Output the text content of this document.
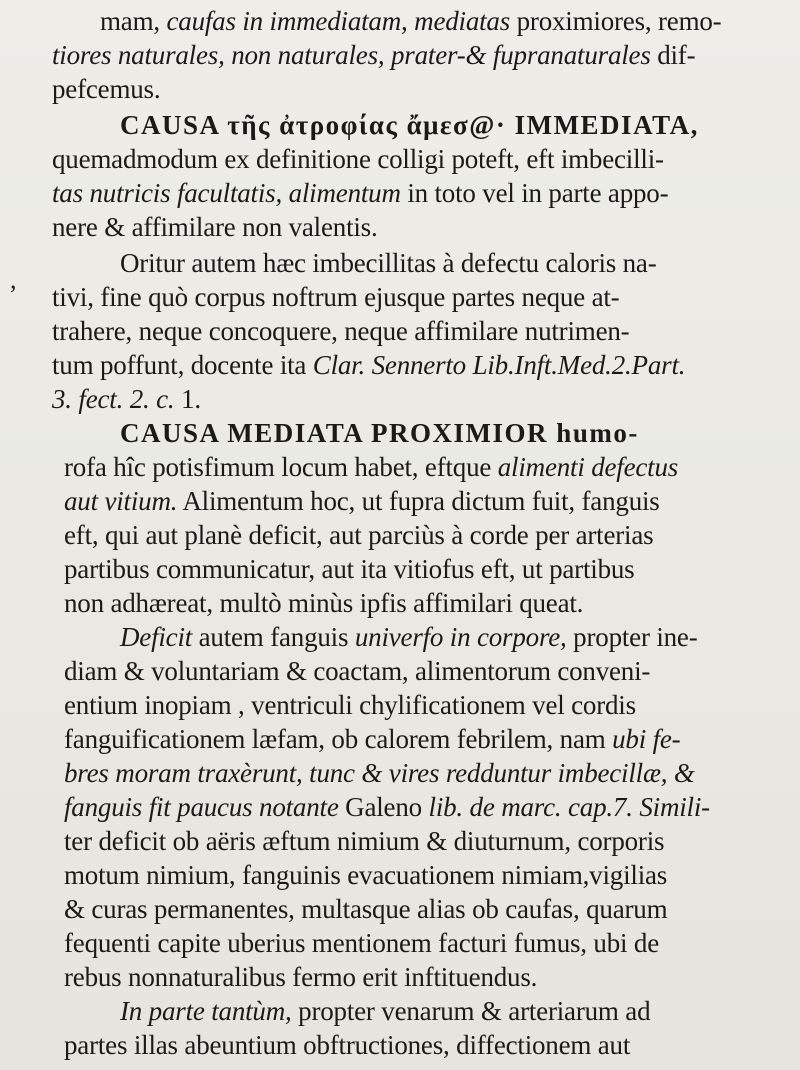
mam, caufas in immediatam, mediatas proximiores, remo-
tiores naturales, non naturales, prater-& fupranaturales dif-
pefcemus.
CAUSA τῆς ἀτροφίας ἄμεσ@· IMMEDIATA,
quemadmodum ex definitione colligi poteft, eft imbecilli-
tas nutricis facultatis, alimentum in toto vel in parte appo-
nere & affimilare non valentis.
Oritur autem hæc imbecillitas à defectu caloris na-
tivi, fine quò corpus noftrum ejusque partes neque at-
trahere, neque concoquere, neque affimilare nutrimen-
tum poffunt, docente ita Clar. Sennerto Lib.Inft.Med.2.Part.
3. fect. 2. c. 1.
CAUSA MEDIATA PROXIMIOR humo-
rofa hîc potisfimum locum habet, eftque alimenti defectus
aut vitium. Alimentum hoc, ut fupra dictum fuit, fanguis
eft, qui aut planè deficit, aut parciùs à corde per arterias
partibus communicatur, aut ita vitiofus eft, ut partibus
non adhæreat, multò minùs ipfis affimilari queat.
Deficit autem fanguis univerfo in corpore, propter ine-
diam & voluntariam & coactam, alimentorum conveni-
entium inopiam , ventriculi chylificationem vel cordis
fanguificationem læfam, ob calorem febrilem, nam ubi fe-
bres moram traxèrunt, tunc & vires redduntur imbecillæ, &
fanguis fit paucus notante Galeno lib. de marc. cap.7. Simili-
ter deficit ob aëris æftum nimium & diuturnum, corporis
motum nimium, fanguinis evacuationem nimiam,vigilias
& curas permanentes, multasque alias ob caufas, quarum
fequenti capite uberius mentionem facturi fumus, ubi de
rebus nonnaturalibus fermo erit inftituendus.
In parte tantùm, propter venarum & arteriarum ad
partes illas abeuntium obftructiones, diffectionem aut
,
